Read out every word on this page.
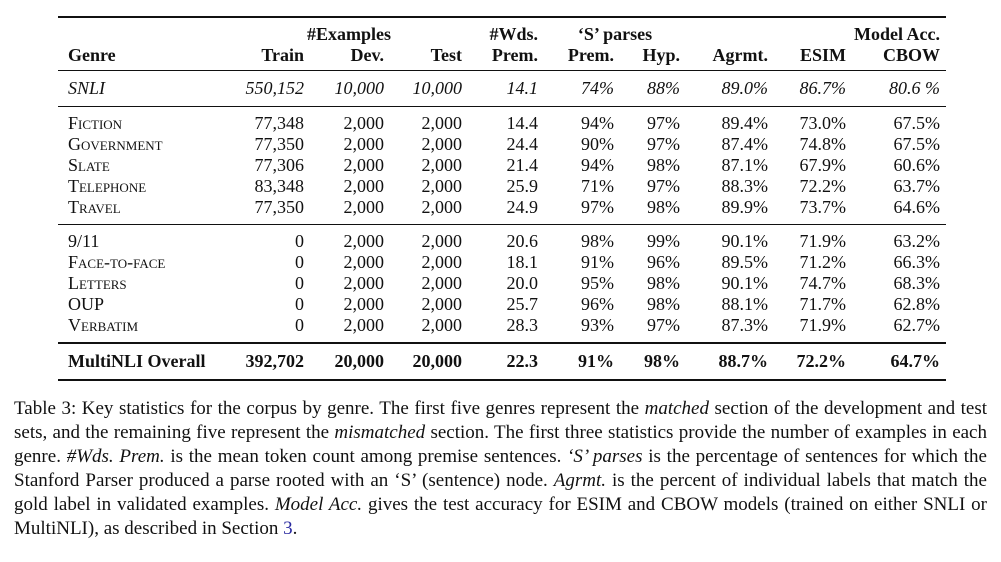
		#Examples		#Wds.	‘S’ parses			Model Acc.	
Genre	Train	Dev.	Test	Prem.	Prem.	Hyp.	Agrmt.	ESIM	CBOW
SNLI	550,152	10,000	10,000	14.1	74%	88%	89.0%	86.7%	80.6 %
Fiction	77,348	2,000	2,000	14.4	94%	97%	89.4%	73.0%	67.5%
Government	77,350	2,000	2,000	24.4	90%	97%	87.4%	74.8%	67.5%
Slate	77,306	2,000	2,000	21.4	94%	98%	87.1%	67.9%	60.6%
Telephone	83,348	2,000	2,000	25.9	71%	97%	88.3%	72.2%	63.7%
Travel	77,350	2,000	2,000	24.9	97%	98%	89.9%	73.7%	64.6%
9/11	0	2,000	2,000	20.6	98%	99%	90.1%	71.9%	63.2%
Face-to-face	0	2,000	2,000	18.1	91%	96%	89.5%	71.2%	66.3%
Letters	0	2,000	2,000	20.0	95%	98%	90.1%	74.7%	68.3%
OUP	0	2,000	2,000	25.7	96%	98%	88.1%	71.7%	62.8%
Verbatim	0	2,000	2,000	28.3	93%	97%	87.3%	71.9%	62.7%
MultiNLI Overall	392,702	20,000	20,000	22.3	91%	98%	88.7%	72.2%	64.7%
Table 3: Key statistics for the corpus by genre. The first five genres represent the matched section of the development and test sets, and the remaining five represent the mismatched section. The first three statistics provide the number of examples in each genre. #Wds. Prem. is the mean token count among premise sentences. ‘S’ parses is the percentage of sentences for which the Stanford Parser produced a parse rooted with an ‘S’ (sentence) node. Agrmt. is the percent of individual labels that match the gold label in validated examples. Model Acc. gives the test accuracy for ESIM and CBOW models (trained on either SNLI or MultiNLI), as described in Section 3.
